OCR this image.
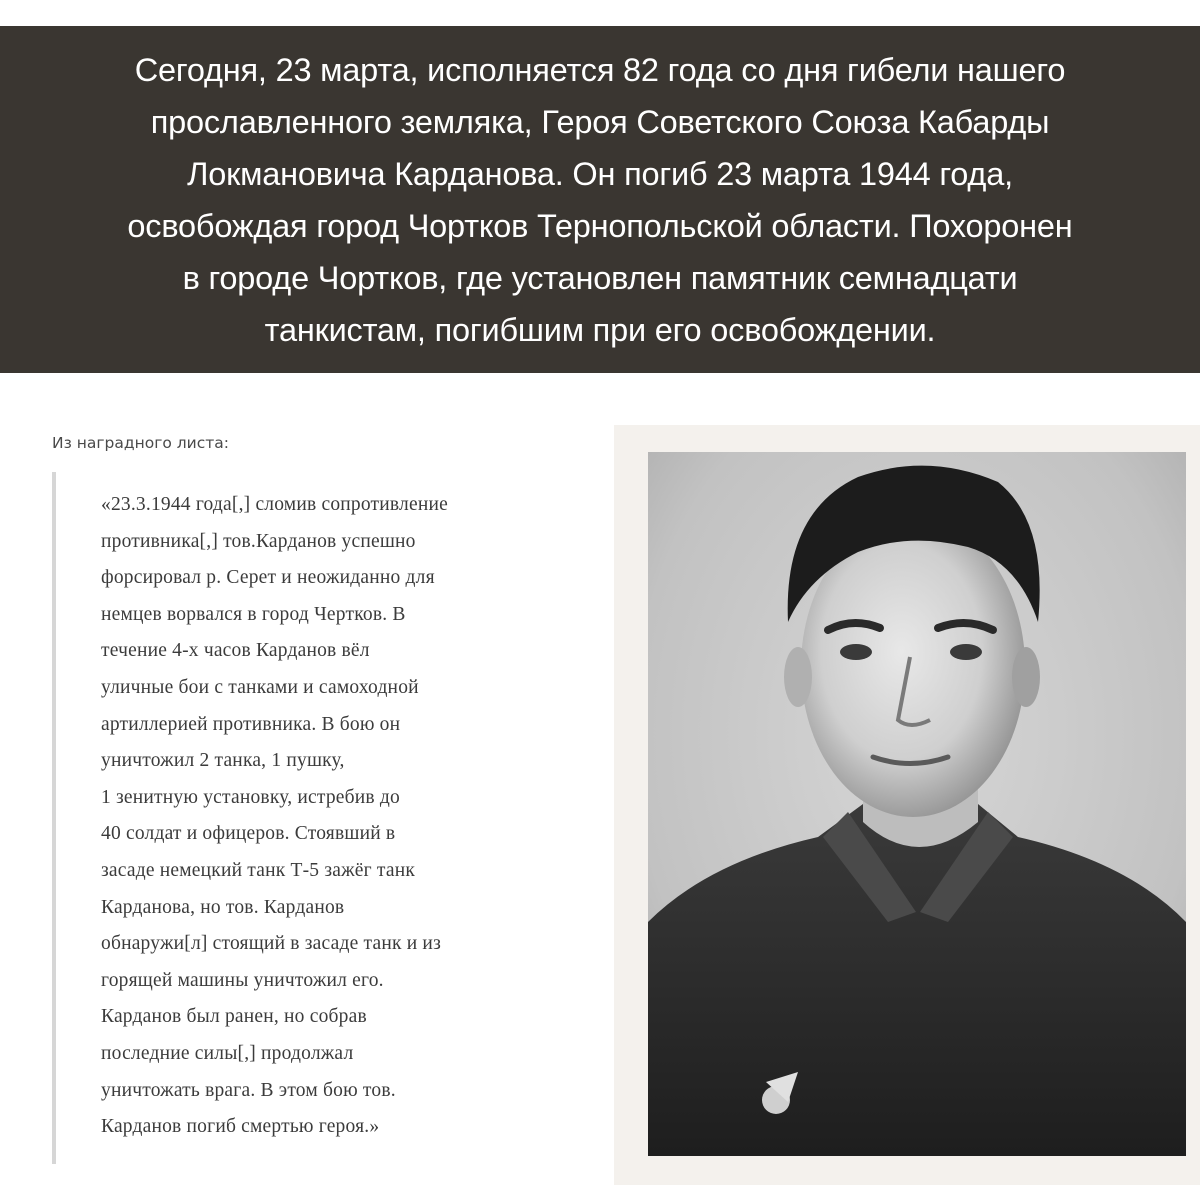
Сегодня, 23 марта, исполняется 82 года со дня гибели нашего
прославленного земляка, Героя Советского Союза Кабарды
Локмановича Карданова. Он погиб 23 марта 1944 года,
освобождая город Чортков Тернопольской области. Похоронен
в городе Чортков, где установлен памятник семнадцати
танкистам, погибшим при его освобождении.
Из наградного листа:
«23.3.1944 года[,] сломив сопротивление
противника[,] тов.Карданов успешно
форсировал р. Серет и неожиданно для
немцев ворвался в город Чертков. В
течение 4-х часов Карданов вёл
уличные бои с танками и самоходной
артиллерией противника. В бою он
уничтожил 2 танка, 1 пушку,
1 зенитную установку, истребив до
40 солдат и офицеров. Стоявший в
засаде немецкий танк Т-5 зажёг танк
Карданова, но тов. Карданов
обнаружи[л] стоящий в засаде танк и из
горящей машины уничтожил его.
Карданов был ранен, но собрав
последние силы[,] продолжал
уничтожать врага. В этом бою тов.
Карданов погиб смертью героя.»
